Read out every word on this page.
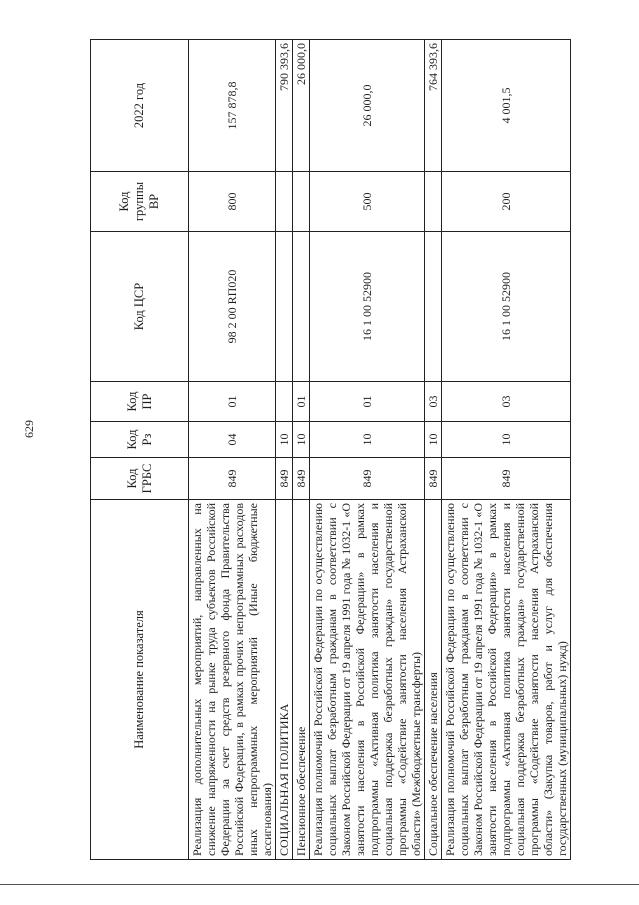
629
Наименование показателя	Код ГРБС	Код Рз	Код ПР	Код ЦСР	Код группы ВР	2022 год
Реализация дополнительных мероприятий, направленных на снижение напряженности на рынке труда субъектов Российской Федерации за счет средств резервного фонда Правительства Российской Федерации, в рамках прочих непрограммных расходов иных непрограммных мероприятий (Иные бюджетные ассигнования)	849	04	01	98 2 00 RП020	800	157 878,8
СОЦИАЛЬНАЯ ПОЛИТИКА	849	10				790 393,6
Пенсионное обеспечение	849	10	01			26 000,0
Реализация полномочий Российской Федерации по осуществлению социальных выплат безработным гражданам в соответствии с Законом Российской Федерации от 19 апреля 1991 года № 1032-1 «О занятости населения в Российской Федерации» в рамках подпрограммы «Активная политика занятости населения и социальная поддержка безработных граждан» государственной программы «Содействие занятости населения Астраханской области» (Межбюджетные трансферты)	849	10	01	16 1 00 52900	500	26 000,0
Социальное обеспечение населения	849	10	03			764 393,6
Реализация полномочий Российской Федерации по осуществлению социальных выплат безработным гражданам в соответствии с Законом Российской Федерации от 19 апреля 1991 года № 1032-1 «О занятости населения в Российской Федерации» в рамках подпрограммы «Активная политика занятости населения и социальная поддержка безработных граждан» государственной программы «Содействие занятости населения Астраханской области» (Закупка товаров, работ и услуг для обеспечения государственных (муниципальных) нужд)	849	10	03	16 1 00 52900	200	4 001,5
